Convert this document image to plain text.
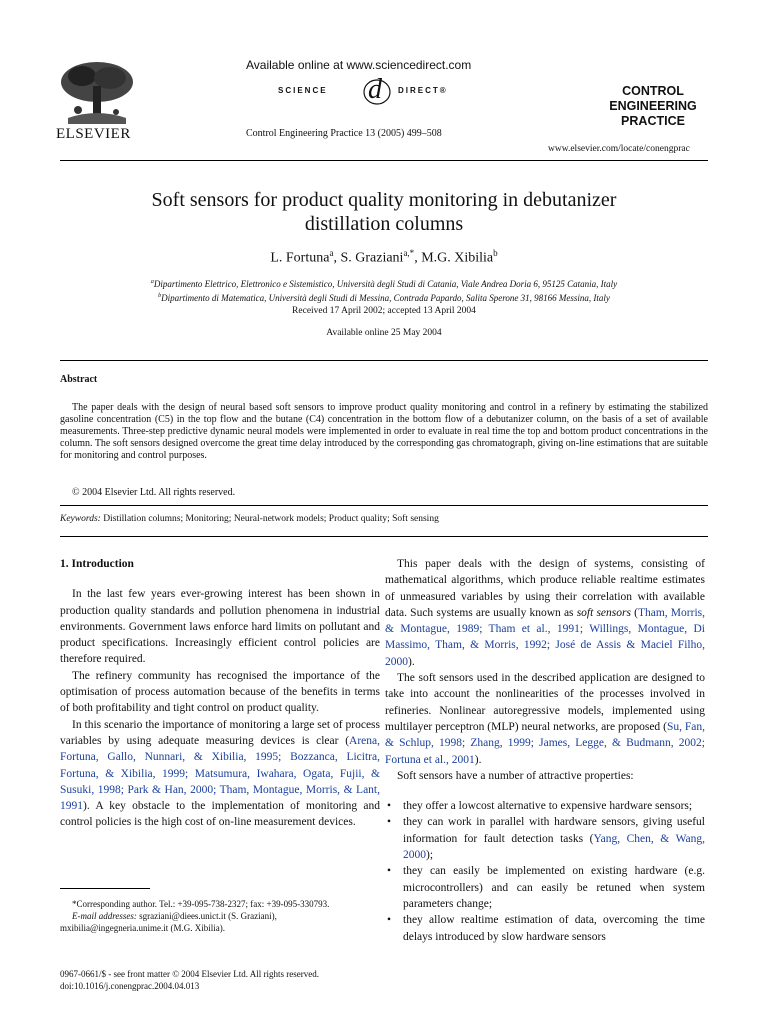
ELSEVIER
Available online at www.sciencedirect.com
SCIENCE d DIRECT®
Control Engineering Practice 13 (2005) 499–508
CONTROL ENGINEERING
PRACTICE
www.elsevier.com/locate/conengprac
Soft sensors for product quality monitoring in debutanizer
distillation columns
L. Fortuna$^a$, S. Graziani$^{a,*}$, M.G. Xibilia$^b$
$^a$Dipartimento Elettrico, Elettronico e Sistemistico, Università degli Studi di Catania, Viale Andrea Doria 6, 95125 Catania, Italy
$^b$Dipartimento di Matematica, Università degli Studi di Messina, Contrada Papardo, Salita Sperone 31, 98166 Messina, Italy
Received 17 April 2002; accepted 13 April 2004
Available online 25 May 2004
Abstract
The paper deals with the design of neural based soft sensors to improve product quality monitoring and control in a refinery by estimating the stabilized gasoline concentration (C5) in the top flow and the butane (C4) concentration in the bottom flow of a debutanizer column, on the basis of a set of available measurements. Three-step predictive dynamic neural models were implemented in order to evaluate in real time the top and bottom product concentrations in the column. The soft sensors designed overcome the great time delay introduced by the corresponding gas chromatograph, giving on-line estimations that are suitable for monitoring and control purposes.
© 2004 Elsevier Ltd. All rights reserved.
Keywords: Distillation columns; Monitoring; Neural-network models; Product quality; Soft sensing
1. Introduction

In the last few years ever-growing interest has been shown in production quality standards and pollution phenomena in industrial environments. Government laws enforce hard limits on pollutant and product specifications. Increasingly efficient control policies are therefore required.

The refinery community has recognised the importance of the optimisation of process automation because of the benefits in terms of both profitability and tight control on product quality.

In this scenario the importance of monitoring a large set of process variables by using adequate measuring devices is clear (Arena, Fortuna, Gallo, Nunnari, & Xibilia, 1995; Bozzanca, Licitra, Fortuna, & Xibilia, 1999; Matsumura, Iwahara, Ogata, Fujii, & Susuki, 1998; Park & Han, 2000; Tham, Montague, Morris, & Lant, 1991). A key obstacle to the implementation of monitoring and control policies is the high cost of on-line measurement devices.

*Corresponding author. Tel.: +39-095-738-2327; fax: +39-095-330793.
E-mail addresses: sgraziani@diees.unict.it (S. Graziani),
mxibilia@ingegneria.unime.it (M.G. Xibilia).
0967-0661/$ - see front matter © 2004 Elsevier Ltd. All rights reserved.
doi:10.1016/j.conengprac.2004.04.013

This paper deals with the design of systems, consisting of mathematical algorithms, which produce reliable realtime estimates of unmeasured variables by using their correlation with available data. Such systems are usually known as soft sensors (Tham, Morris, & Montague, 1989; Tham et al., 1991; Willings, Montague, Di Massimo, Tham, & Morris, 1992; José de Assis & Maciel Filho, 2000).

The soft sensors used in the described application are designed to take into account the nonlinearities of the processes involved in refineries. Nonlinear autoregressive models, implemented using multilayer perceptron (MLP) neural networks, are proposed (Su, Fan, & Schlup, 1998; Zhang, 1999; James, Legge, & Budmann, 2002; Fortuna et al., 2001).

Soft sensors have a number of attractive properties:

• they offer a lowcost alternative to expensive hardware sensors;
• they can work in parallel with hardware sensors, giving useful information for fault detection tasks (Yang, Chen, & Wang, 2000);
• they can easily be implemented on existing hardware (e.g. microcontrollers) and can easily be retuned when system parameters change;
• they allow realtime estimation of data, overcoming the time delays introduced by slow hardware sensors
